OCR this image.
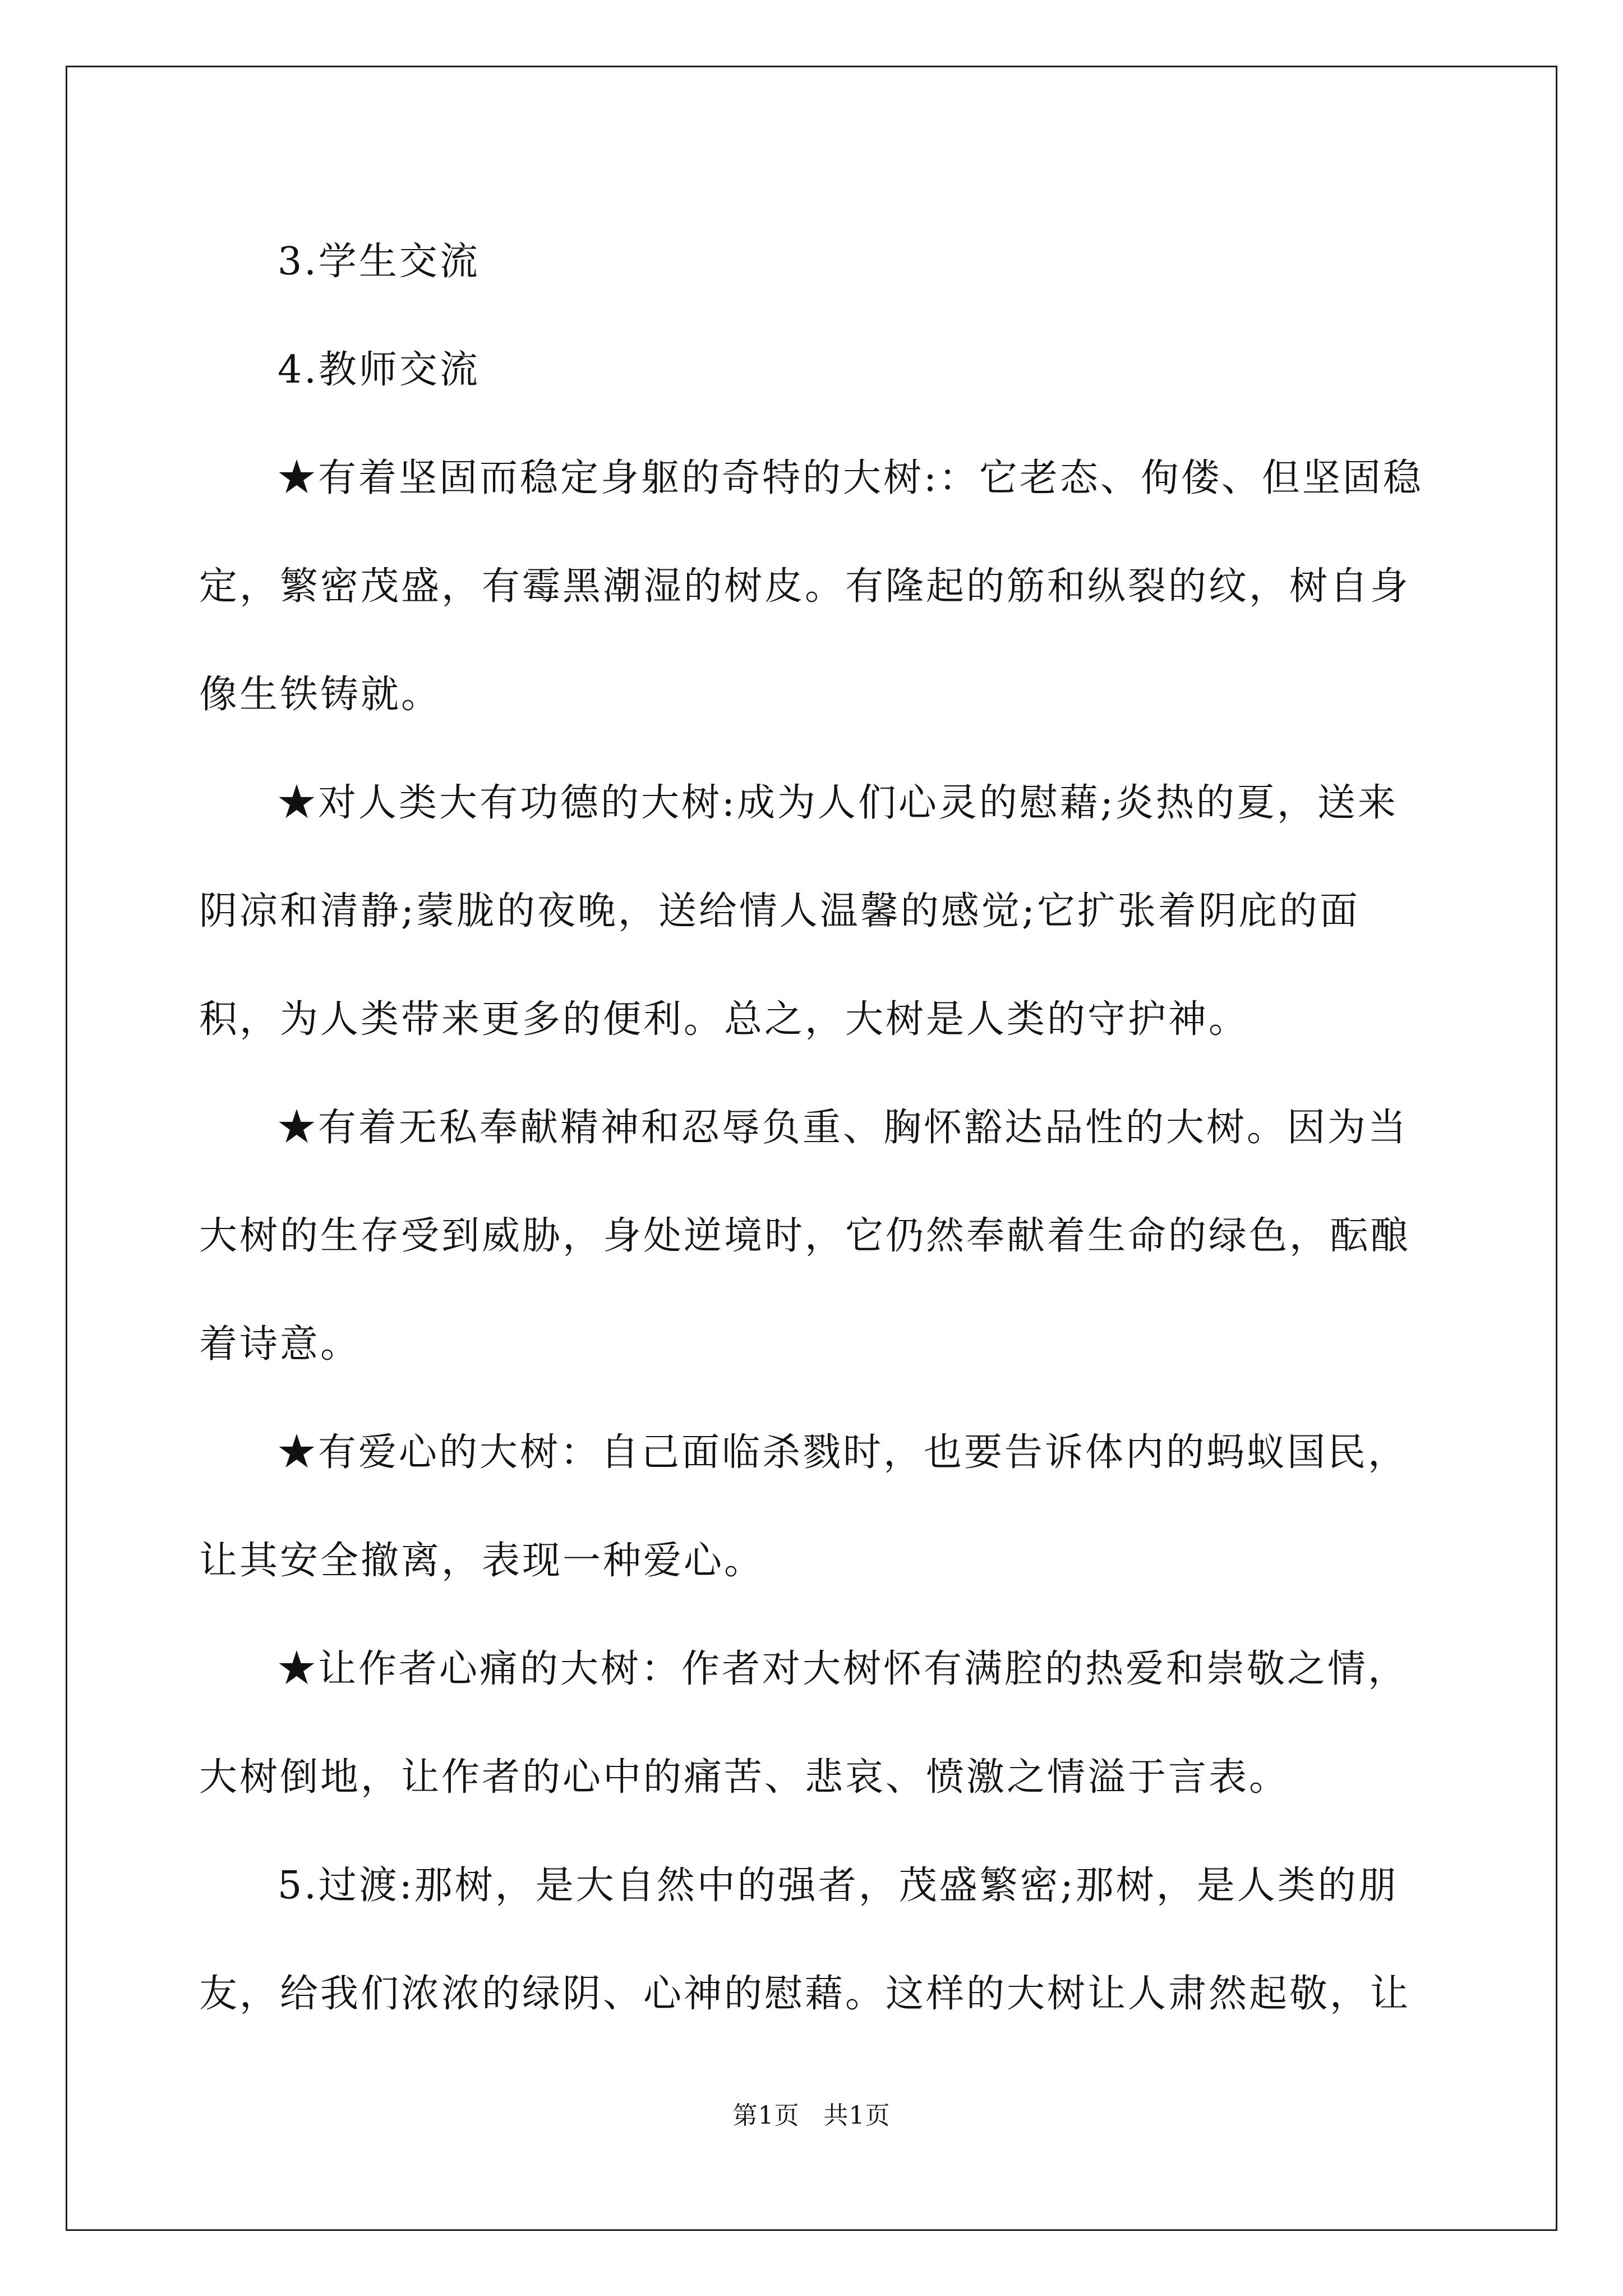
3.学生交流

4.教师交流

★有着坚固而稳定身躯的奇特的大树:：它老态、佝偻、但坚固稳定，繁密茂盛，有霉黑潮湿的树皮。有隆起的筋和纵裂的纹，树自身像生铁铸就。

★对人类大有功德的大树:成为人们心灵的慰藉;炎热的夏，送来阴凉和清静;蒙胧的夜晚，送给情人温馨的感觉;它扩张着阴庇的面积，为人类带来更多的便利。总之，大树是人类的守护神。

★有着无私奉献精神和忍辱负重、胸怀豁达品性的大树。因为当大树的生存受到威胁，身处逆境时，它仍然奉献着生命的绿色，酝酿着诗意。

★有爱心的大树：自己面临杀戮时，也要告诉体内的蚂蚁国民，让其安全撤离，表现一种爱心。

★让作者心痛的大树：作者对大树怀有满腔的热爱和崇敬之情，大树倒地，让作者的心中的痛苦、悲哀、愤激之情溢于言表。

5.过渡:那树，是大自然中的强者，茂盛繁密;那树，是人类的朋友，给我们浓浓的绿阴、心神的慰藉。这样的大树让人肃然起敬，让

第1页 共1页
